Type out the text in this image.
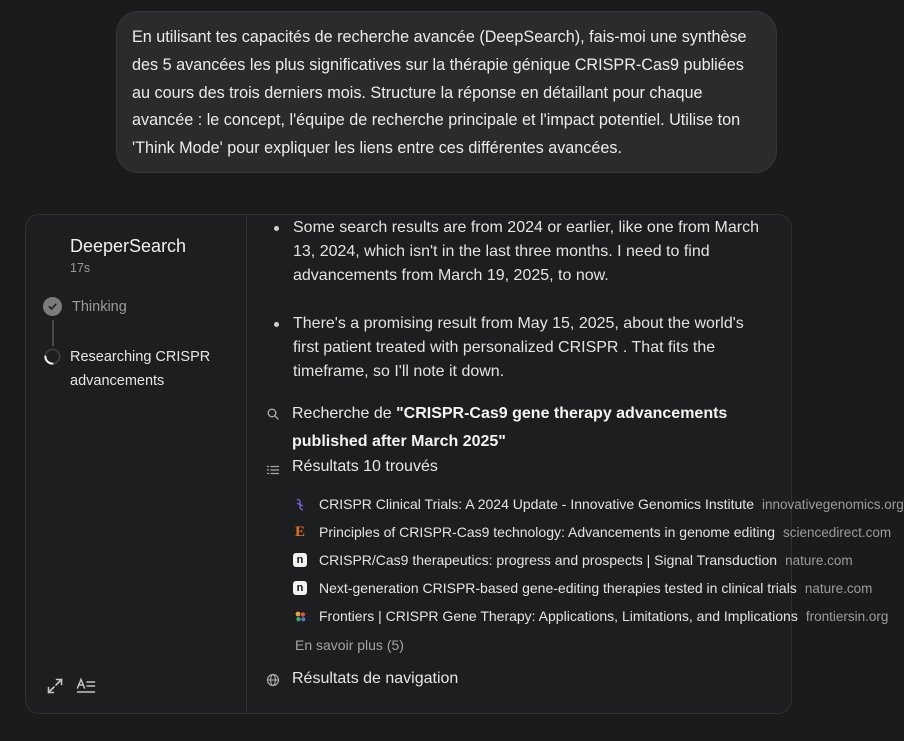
En utilisant tes capacités de recherche avancée (DeepSearch), fais-moi une synthèse des 5 avancées les plus significatives sur la thérapie génique CRISPR-Cas9 publiées au cours des trois derniers mois. Structure la réponse en détaillant pour chaque avancée : le concept, l'équipe de recherche principale et l'impact potentiel. Utilise ton 'Think Mode' pour expliquer les liens entre ces différentes avancées.
DeeperSearch
17s
Thinking
Researching CRISPR advancements
Some search results are from 2024 or earlier, like one from March 13, 2024, which isn't in the last three months. I need to find advancements from March 19, 2025, to now.
There's a promising result from May 15, 2025, about the world's first patient treated with personalized CRISPR . That fits the timeframe, so I'll note it down.
Recherche de "CRISPR-Cas9 gene therapy advancements published after March 2025"
Résultats 10 trouvés
CRISPR Clinical Trials: A 2024 Update - Innovative Genomics Institute innovativegenomics.org
E Principles of CRISPR-Cas9 technology: Advancements in genome editing sciencedirect.com
n CRISPR/Cas9 therapeutics: progress and prospects | Signal Transduction nature.com
n Next-generation CRISPR-based gene-editing therapies tested in clinical trials nature.com
Frontiers | CRISPR Gene Therapy: Applications, Limitations, and Implications frontiersin.org
En savoir plus (5)
Résultats de navigation
